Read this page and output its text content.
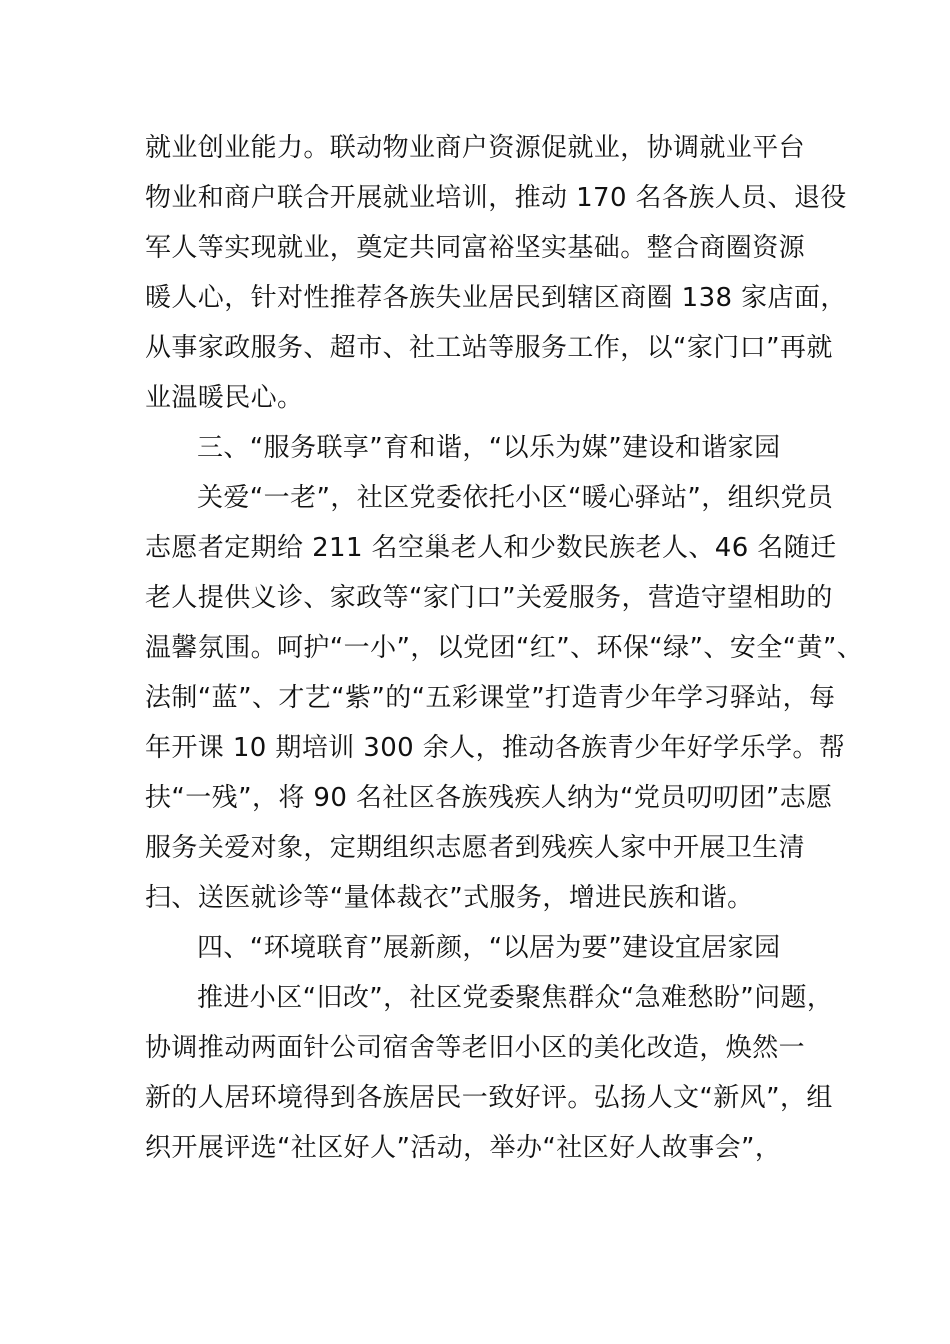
就业创业能力。联动物业商户资源促就业，协调就业平台
物业和商户联合开展就业培训，推动 170 名各族人员、退役
军人等实现就业，奠定共同富裕坚实基础。整合商圈资源
暖人心，针对性推荐各族失业居民到辖区商圈 138 家店面，
从事家政服务、超市、社工站等服务工作，以“家门口”再就
业温暖民心。
三、“服务联享”育和谐，“以乐为媒”建设和谐家园
关爱“一老”，社区党委依托小区“暖心驿站”，组织党员
志愿者定期给 211 名空巢老人和少数民族老人、46 名随迁
老人提供义诊、家政等“家门口”关爱服务，营造守望相助的
温馨氛围。呵护“一小”，以党团“红”、环保“绿”、安全“黄”、
法制“蓝”、才艺“紫”的“五彩课堂”打造青少年学习驿站，每
年开课 10 期培训 300 余人，推动各族青少年好学乐学。帮
扶“一残”，将 90 名社区各族残疾人纳为“党员叨叨团”志愿
服务关爱对象，定期组织志愿者到残疾人家中开展卫生清
扫、送医就诊等“量体裁衣”式服务，增进民族和谐。
四、“环境联育”展新颜，“以居为要”建设宜居家园
推进小区“旧改”，社区党委聚焦群众“急难愁盼”问题，
协调推动两面针公司宿舍等老旧小区的美化改造，焕然一
新的人居环境得到各族居民一致好评。弘扬人文“新风”，组
织开展评选“社区好人”活动，举办“社区好人故事会”，
